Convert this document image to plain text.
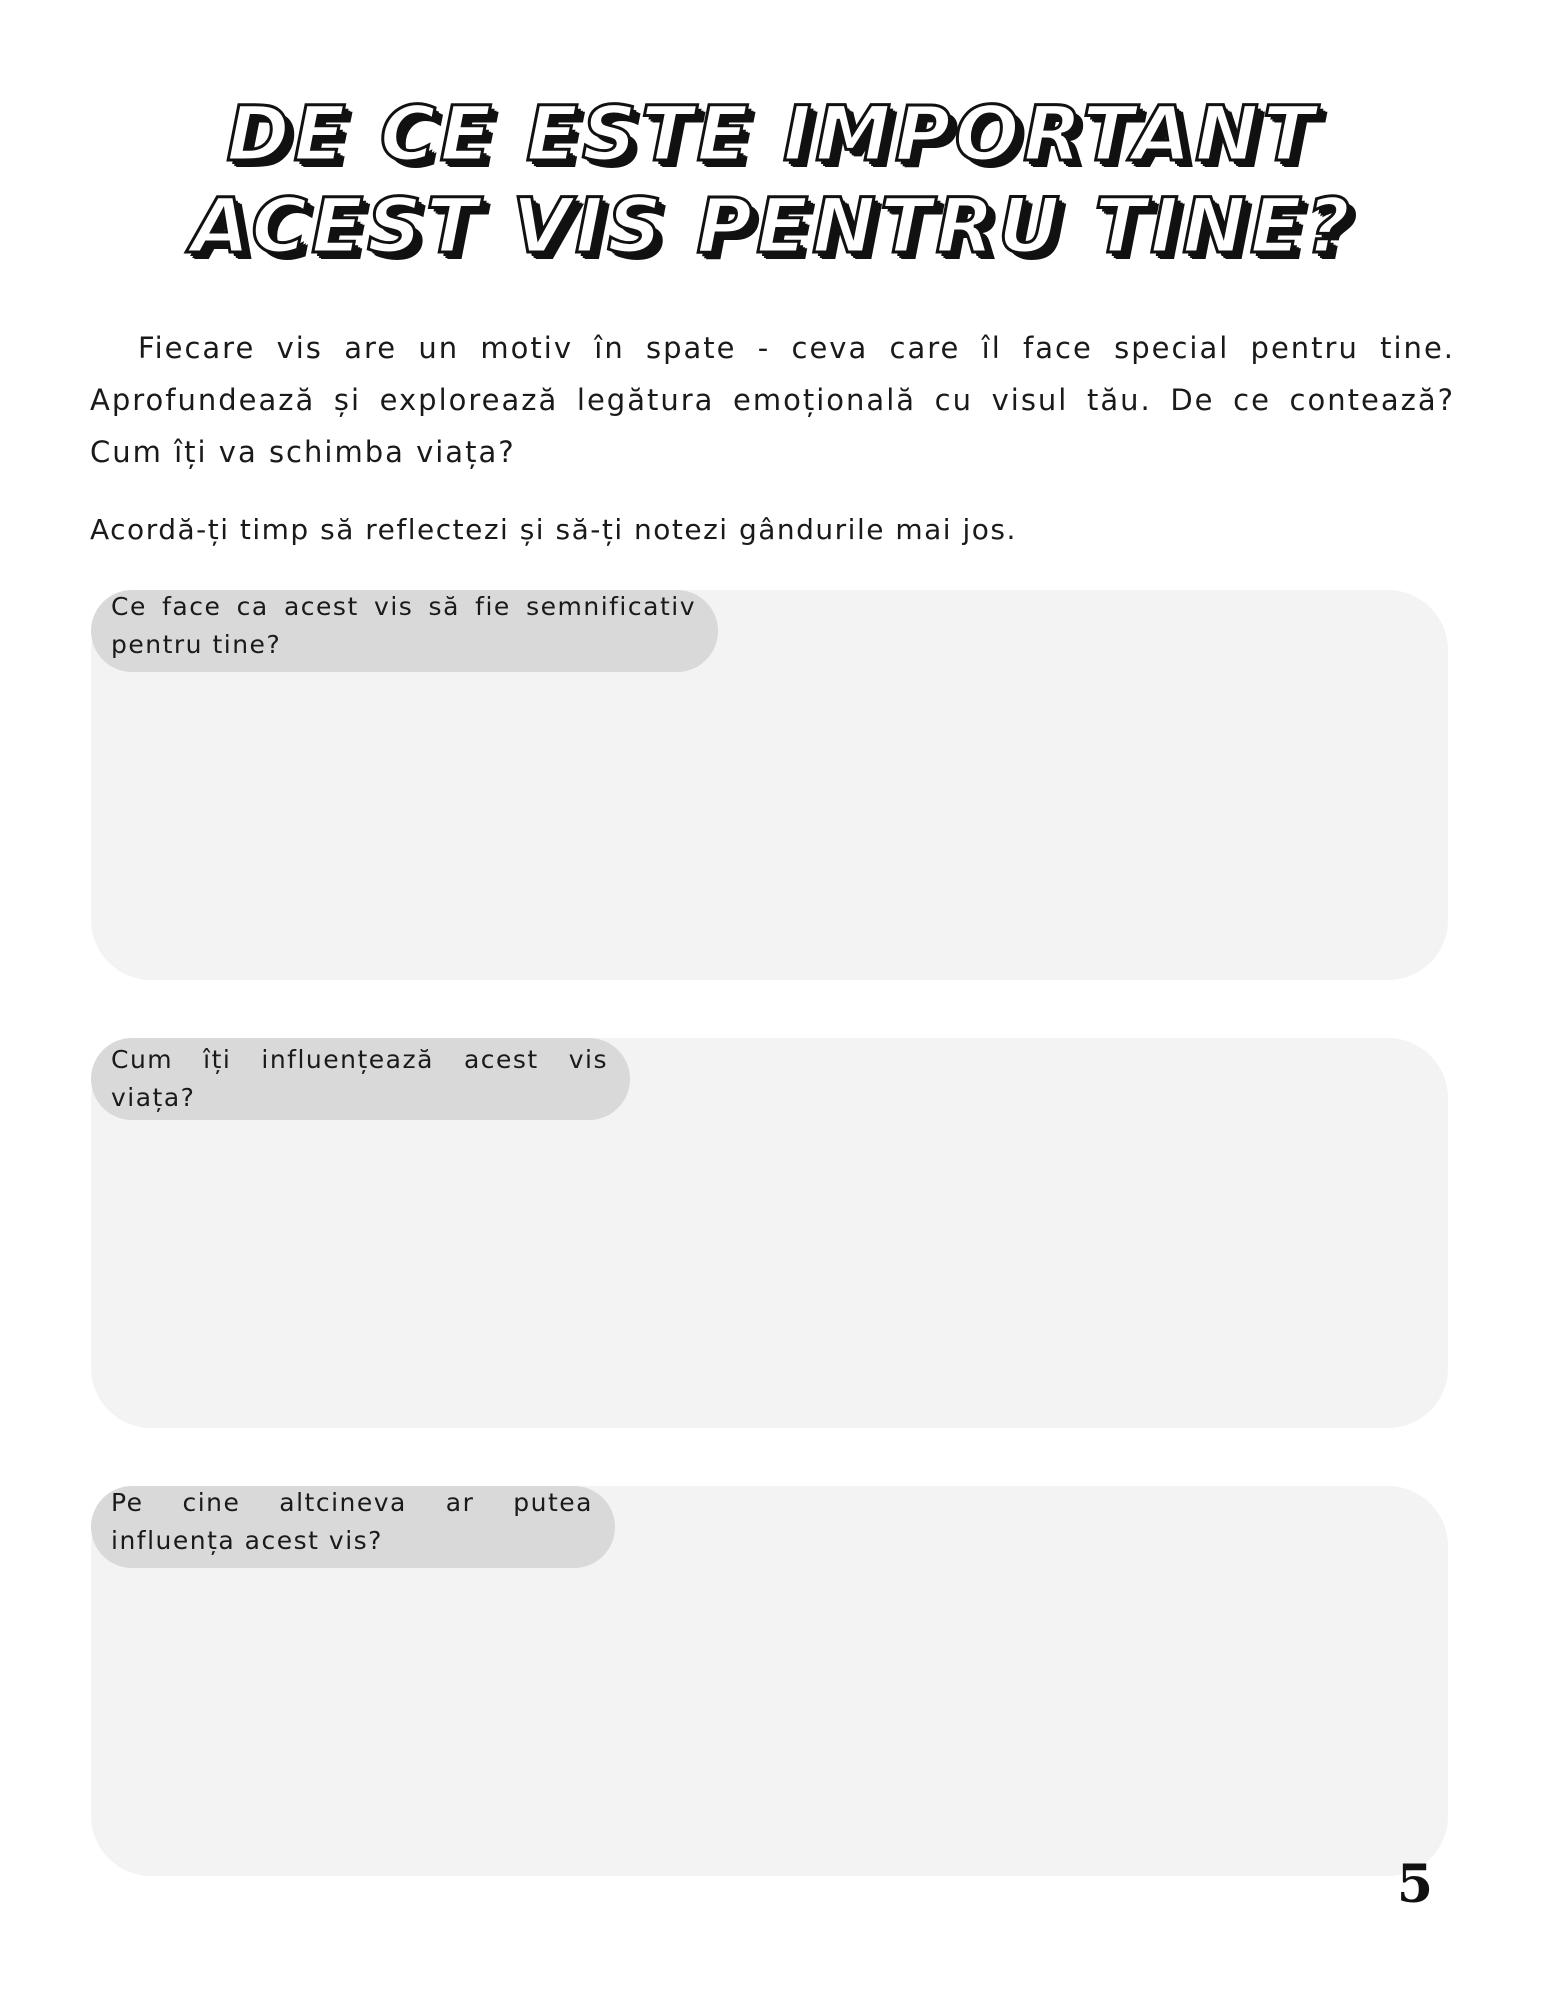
DE CE ESTE IMPORTANT ACEST VIS PENTRU TINE?

Fiecare vis are un motiv în spate - ceva care îl face special pentru tine. Aprofundează și explorează legătura emoțională cu visul tău. De ce contează? Cum îți va schimba viața?

Acordă-ți timp să reflectezi și să-ți notezi gândurile mai jos.

Ce face ca acest vis să fie semnificativ pentru tine?

Cum îți influențează acest vis viața?

Pe cine altcineva ar putea influența acest vis?

5
